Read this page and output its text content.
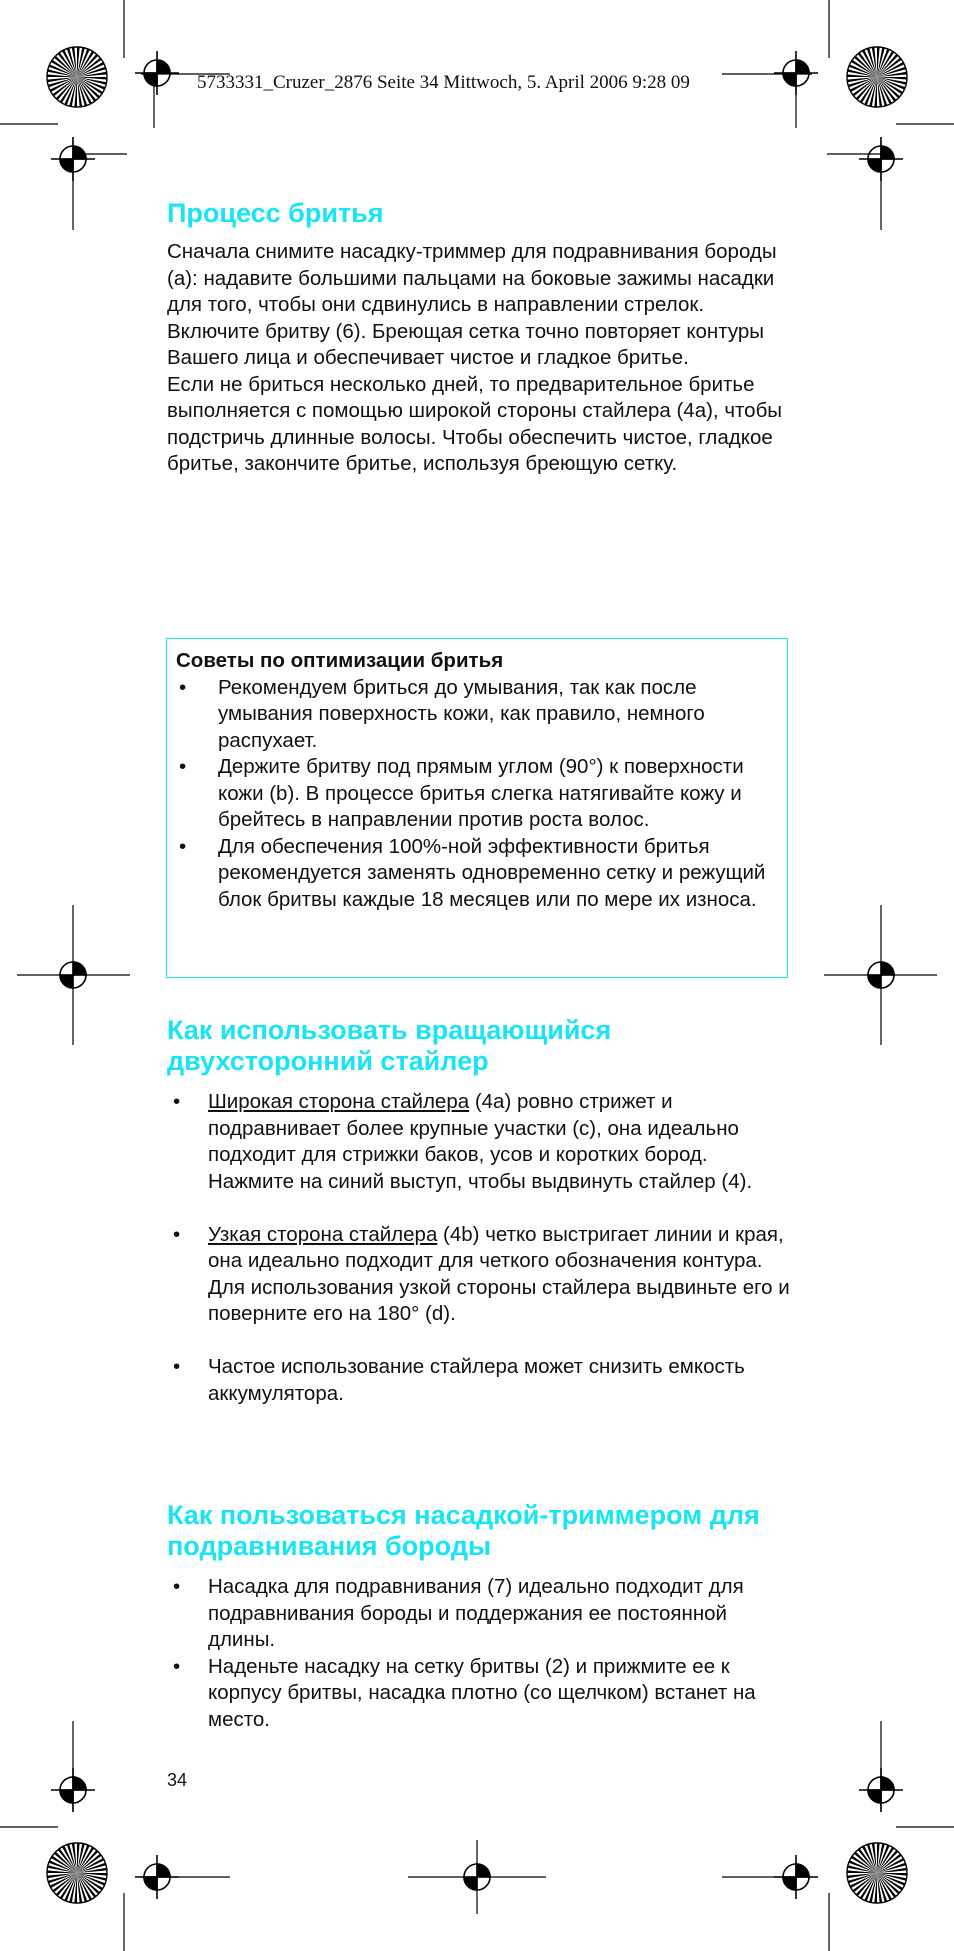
5733331_Cruzer_2876 Seite 34 Mittwoch, 5. April 2006 9:28 09
Процесс бритья

Сначала снимите насадку-триммер для подравнивания бороды (a): надавите большими пальцами на боковые зажимы насадки для того, чтобы они сдвинулись в направлении стрелок.

Включите бритву (6). Бреющая сетка точно повторяет контуры Вашего лица и обеспечивает чистое и гладкое бритье.

Если не бриться несколько дней, то предварительное бритье выполняется с помощью широкой стороны стайлера (4a), чтобы подстричь длинные волосы. Чтобы обеспечить чистое, гладкое бритье, закончите бритье, используя бреющую сетку.

Советы по оптимизации бритья
• Рекомендуем бриться до умывания, так как после умывания поверхность кожи, как правило, немного распухает.
• Держите бритву под прямым углом (90°) к поверхности кожи (b). В процессе бритья слегка натягивайте кожу и брейтесь в направлении против роста волос.
• Для обеспечения 100%-ной эффективности бритья рекомендуется заменять одновременно сетку и режущий блок бритвы каждые 18 месяцев или по мере их износа.
Как использовать вращающийся двухсторонний стайлер
• Широкая сторона стайлера (4a) ровно стрижет и подравнивает более крупные участки (c), она идеально подходит для стрижки баков, усов и коротких бород. Нажмите на синий выступ, чтобы выдвинуть стайлер (4).
• Узкая сторона стайлера (4b) четко выстригает линии и края, она идеально подходит для четкого обозначения контура. Для использования узкой стороны стайлера выдвиньте его и поверните его на 180° (d).
• Частое использование стайлера может снизить емкость аккумулятора.
Как пользоваться насадкой-триммером для подравнивания бороды
• Насадка для подравнивания (7) идеально подходит для подравнивания бороды и поддержания ее постоянной длины.
• Наденьте насадку на сетку бритвы (2) и прижмите ее к корпусу бритвы, насадка плотно (со щелчком) встанет на место.
34
